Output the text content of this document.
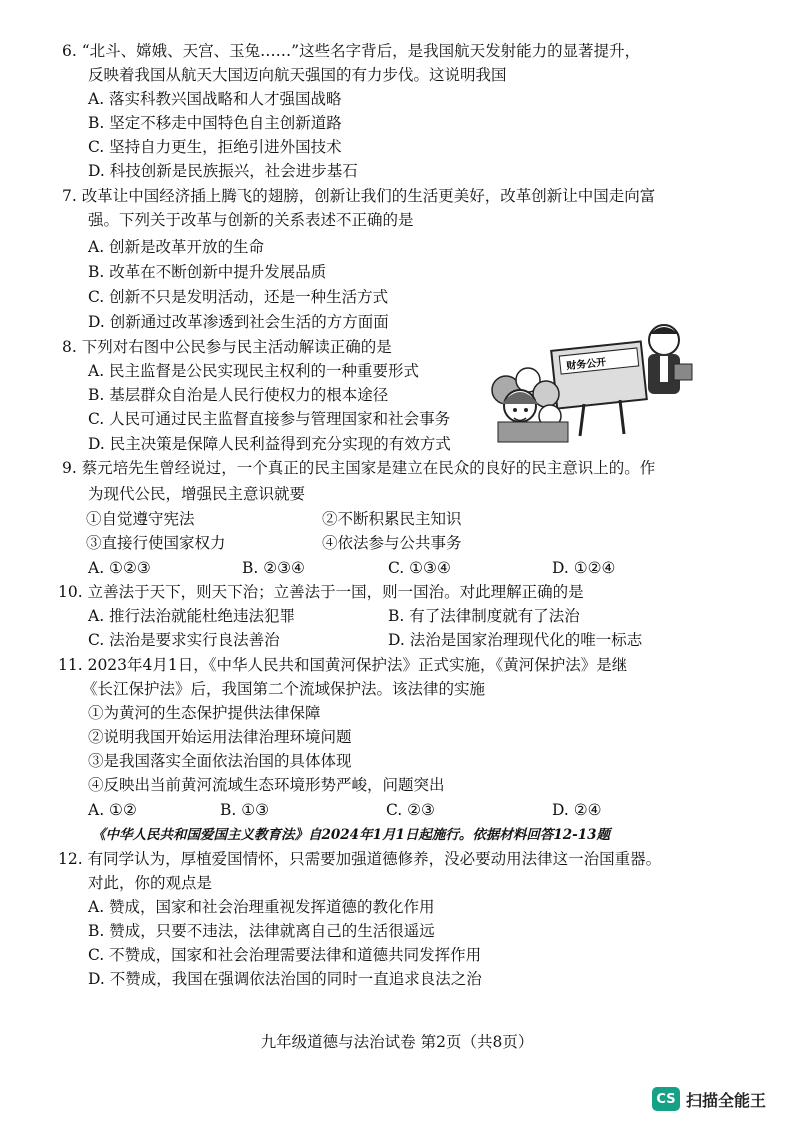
6. “北斗、嫦娥、天宫、玉兔……”这些名字背后，是我国航天发射能力的显著提升，
反映着我国从航天大国迈向航天强国的有力步伐。这说明我国
A. 落实科教兴国战略和人才强国战略
B. 坚定不移走中国特色自主创新道路
C. 坚持自力更生，拒绝引进外国技术
D. 科技创新是民族振兴，社会进步基石
7. 改革让中国经济插上腾飞的翅膀，创新让我们的生活更美好，改革创新让中国走向富
强。下列关于改革与创新的关系表述不正确的是
A. 创新是改革开放的生命
B. 改革在不断创新中提升发展品质
C. 创新不只是发明活动，还是一种生活方式
D. 创新通过改革渗透到社会生活的方方面面
8. 下列对右图中公民参与民主活动解读正确的是
A. 民主监督是公民实现民主权利的一种重要形式
B. 基层群众自治是人民行使权力的根本途径
C. 人民可通过民主监督直接参与管理国家和社会事务
D. 民主决策是保障人民利益得到充分实现的有效方式
财务公开
9. 蔡元培先生曾经说过，一个真正的民主国家是建立在民众的良好的民主意识上的。作
为现代公民，增强民主意识就要
①自觉遵守宪法	②不断积累民主知识
③直接行使国家权力	④依法参与公共事务
A. ①②③	B. ②③④	C. ①③④	D. ①②④
10. 立善法于天下，则天下治；立善法于一国，则一国治。对此理解正确的是
A. 推行法治就能杜绝违法犯罪	B. 有了法律制度就有了法治
C. 法治是要求实行良法善治	D. 法治是国家治理现代化的唯一标志
11. 2023年4月1日，《中华人民共和国黄河保护法》正式实施，《黄河保护法》是继
《长江保护法》后，我国第二个流域保护法。该法律的实施
①为黄河的生态保护提供法律保障
②说明我国开始运用法律治理环境问题
③是我国落实全面依法治国的具体体现
④反映出当前黄河流域生态环境形势严峻，问题突出
A. ①②	B. ①③	C. ②③	D. ②④
《中华人民共和国爱国主义教育法》自2024年1月1日起施行。依据材料回答12-13题
12. 有同学认为，厚植爱国情怀，只需要加强道德修养，没必要动用法律这一治国重器。
对此，你的观点是
A. 赞成，国家和社会治理重视发挥道德的教化作用
B. 赞成，只要不违法，法律就离自己的生活很遥远
C. 不赞成，国家和社会治理需要法律和道德共同发挥作用
D. 不赞成，我国在强调依法治国的同时一直追求良法之治
九年级道德与法治试卷 第2页（共8页）
CS 扫描全能王
